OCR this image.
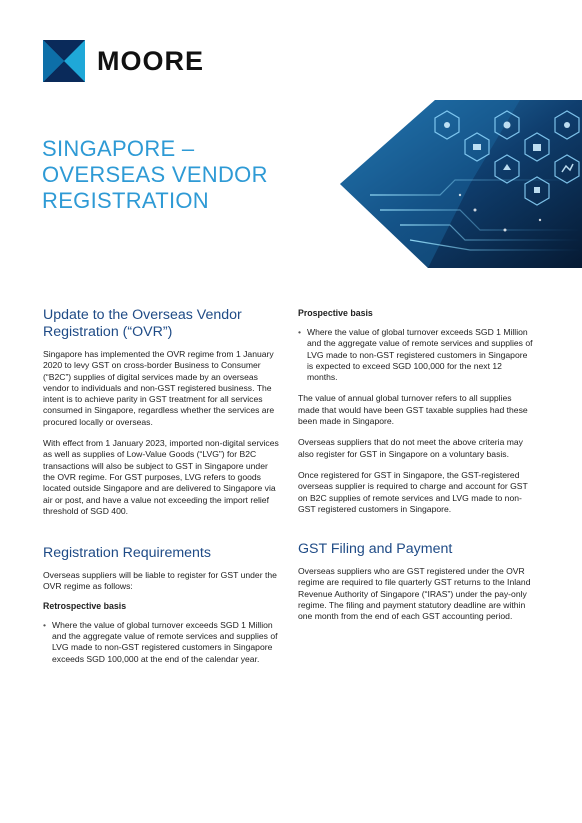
MOORE
SINGAPORE –
OVERSEAS VENDOR
REGISTRATION
Update to the Overseas Vendor Registration (“OVR”)

Singapore has implemented the OVR regime from 1 January 2020 to levy GST on cross-border Business to Consumer (“B2C”) supplies of digital services made by an overseas vendor to individuals and non-GST registered business. The intent is to achieve parity in GST treatment for all services consumed in Singapore, regardless whether the services are procured locally or overseas.

With effect from 1 January 2023, imported non-digital services as well as supplies of Low-Value Goods (“LVG”) for B2C transactions will also be subject to GST in Singapore under the OVR regime. For GST purposes, LVG refers to goods located outside Singapore and are delivered to Singapore via air or post, and have a value not exceeding the import relief threshold of SGD 400.

Registration Requirements

Overseas suppliers will be liable to register for GST under the OVR regime as follows:

Retrospective basis
• Where the value of global turnover exceeds SGD 1 Million and the aggregate value of remote services and supplies of LVG made to non-GST registered customers in Singapore exceeds SGD 100,000 at the end of the calendar year.
Prospective basis
• Where the value of global turnover exceeds SGD 1 Million and the aggregate value of remote services and supplies of LVG made to non-GST registered customers in Singapore is expected to exceed SGD 100,000 for the next 12 months.

The value of annual global turnover refers to all supplies made that would have been GST taxable supplies had these been made in Singapore.

Overseas suppliers that do not meet the above criteria may also register for GST in Singapore on a voluntary basis.

Once registered for GST in Singapore, the GST-registered overseas supplier is required to charge and account for GST on B2C supplies of remote services and LVG made to non-GST registered customers in Singapore.

GST Filing and Payment

Overseas suppliers who are GST registered under the OVR regime are required to file quarterly GST returns to the Inland Revenue Authority of Singapore (“IRAS”) under the pay-only regime. The filing and payment statutory deadline are within one month from the end of each GST accounting period.
